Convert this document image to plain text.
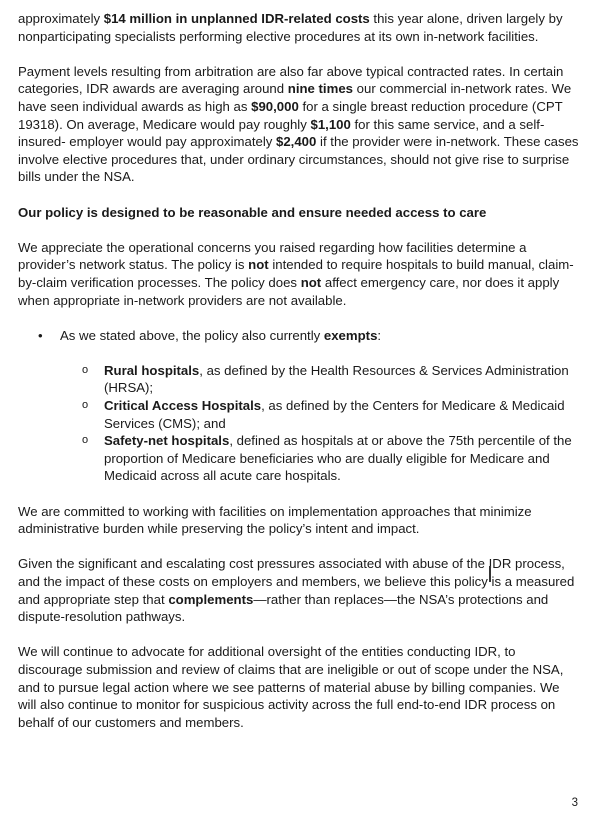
approximately $14 million in unplanned IDR-related costs this year alone, driven largely by nonparticipating specialists performing elective procedures at its own in-network facilities.

Payment levels resulting from arbitration are also far above typical contracted rates. In certain categories, IDR awards are averaging around nine times our commercial in-network rates. We have seen individual awards as high as $90,000 for a single breast reduction procedure (CPT 19318). On average, Medicare would pay roughly $1,100 for this same service, and a self-insured- employer would pay approximately $2,400 if the provider were in-network. These cases involve elective procedures that, under ordinary circumstances, should not give rise to surprise bills under the NSA.

Our policy is designed to be reasonable and ensure needed access to care

We appreciate the operational concerns you raised regarding how facilities determine a provider’s network status. The policy is not intended to require hospitals to build manual, claim-by-claim verification processes. The policy does not affect emergency care, nor does it apply when appropriate in-network providers are not available.

• As we stated above, the policy also currently exempts:
o Rural hospitals, as defined by the Health Resources & Services Administration (HRSA);
o Critical Access Hospitals, as defined by the Centers for Medicare & Medicaid Services (CMS); and
o Safety-net hospitals, defined as hospitals at or above the 75th percentile of the proportion of Medicare beneficiaries who are dually eligible for Medicare and Medicaid across all acute care hospitals.

We are committed to working with facilities on implementation approaches that minimize administrative burden while preserving the policy’s intent and impact.

Given the significant and escalating cost pressures associated with abuse of the IDR process, and the impact of these costs on employers and members, we believe this policy is a measured and appropriate step that complements—rather than replaces—the NSA’s protections and dispute-resolution pathways.

We will continue to advocate for additional oversight of the entities conducting IDR, to discourage submission and review of claims that are ineligible or out of scope under the NSA, and to pursue legal action where we see patterns of material abuse by billing companies. We will also continue to monitor for suspicious activity across the full end-to-end IDR process on behalf of our customers and members.

3
